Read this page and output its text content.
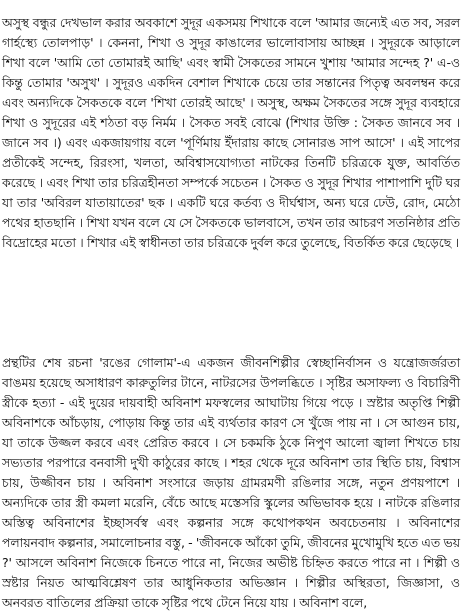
অসুস্থ বন্ধুর দেখভাল করার অবকাশে সুদূর একসময় শিখাকে বলে 'আমার জন্যেই এত সব, সরল গার্হস্থ্যে তোলপাড়' । কেননা, শিখা ও সুদূর কাঙালের ভালোবাসায় আচ্ছন্ন । সুদূরকে আড়ালে শিখা বলে 'আমি তো তোমারই আছি' এবং স্বামী সৈকতের সামনে খুশায় 'আমার সন্দেহ ?' এ-ও কিন্তু তোমার 'অসুখ' । সুদূরও একদিন বেশাল শিখাকে চেয়ে তার সন্তানের পিতৃত্ব অবলম্বন করে এবং অন্যদিকে সৈকতকে বলে 'শিখা তোরই আছে' । অসুস্থ, অক্ষম সৈকতের সঙ্গে সুদূর ব্যবহারে শিখা ও সুদূরের এই শঠতা বড় নির্মম । সৈকত সবই বোঝে (শিখার উক্তি : সৈকত জানবে সব । জানে সব ।) এবং একজায়গায় বলে 'পূর্ণিমায় ইঁদারায় কাছে সোনারঙ সাপ আসে' । এই সাপের প্রতীকেই সন্দেহ, রিরংসা, খলতা, অবিশ্বাসযোগ্যতা নাটকের তিনটি চরিত্রকে যুক্ত, আবর্তিত করেছে । এবং শিখা তার চরিত্রহীনতা সম্পর্কে সচেতন । সৈকত ও সুদূর শিখার পাশাপাশি দুটি ঘর যা তার 'অবিরল যাতায়াতের' ছক । একটি ঘরে কর্তব্য ও দীর্ঘশ্বাস, অন্য ঘরে ঢেউ, রোদ, মেঠো পথের হাতছানি । শিখা যখন বলে যে সে সৈকতকে ভালবাসে, তখন তার আচরণ সতনিষ্ঠার প্রতি বিদ্রোহের মতো । শিখার এই স্বাধীনতা তার চরিত্রকে দুর্বল করে তুলেছে, বিতর্কিত করে ছেড়েছে ।

প্রন্থটির শেষ রচনা 'রঙের গোলাম'-এ একজন জীবনশিল্পীর স্বেচ্ছানির্বাসন ও যন্ত্রোজর্জরতা বাঙময় হয়েছে অসাধারণ কারুতুলির টানে, নাটরসের উপলব্ধিতে । সৃষ্টির অসাফল্য ও বিচারিণী স্ত্রীকে হত্যা - এই দুয়ের দায়বাহী অবিনাশ মফস্বলের আঘাটায় গিয়ে পড়ে । স্রষ্টার অতৃপ্তি শিল্পী অবিনাশকে আঁচড়ায়, পোড়ায় কিন্তু তার এই ব্যর্থতার কারণ সে খুঁজে পায় না । সে আগুন চায়, যা তাকে উজ্জল করবে এবং প্রেরিত করবে । সে চকমকি ঠুকে নিপুণ আলো জ্বালা শিখতে চায় সভ্যতার পরপারে বনবাসী দুখী কাঠুরের কাছে । শহর থেকে দূরে অবিনাশ তার স্থিতি চায়, বিশ্বাস চায়, উজ্জীবন চায় । অবিনাশ সংসারে জড়ায় গ্রামরমণী রঙিলার সঙ্গে, নতুন প্রণয়পাশে । অন্যদিকে তার স্ত্রী কমলা মরেনি, বেঁচে আছে মস্তেসরি স্কুলের অভিভাবক হয়ে । নাটকে রঙিলার অস্তিত্ব অবিনাশের ইচ্ছাসর্বস্ব এবং কল্পনার সঙ্গে কথোপকথন অবচেতনায় । অবিনাশের পলায়নবাদ কল্পনার, সমালোচনার বস্তু, - 'জীবনকে আঁকো তুমি, জীবনের মুখোমুখি হতে এত ভয় ?' আসলে অবিনাশ নিজেকে চিনতে পারে না, নিজের অভীষ্ট চিহ্নিত করতে পারে না । শিল্পী ও স্রষ্টার নিয়ত আত্মবিশ্লেষণ তার আধুনিকতার অভিজ্ঞান । শিল্পীর অস্থিরতা, জিজ্ঞাসা, ও অনবরত বাতিলের প্রক্রিয়া তাকে সৃষ্টির পথে টেনে নিয়ে যায় । অবিনাশ বলে,
